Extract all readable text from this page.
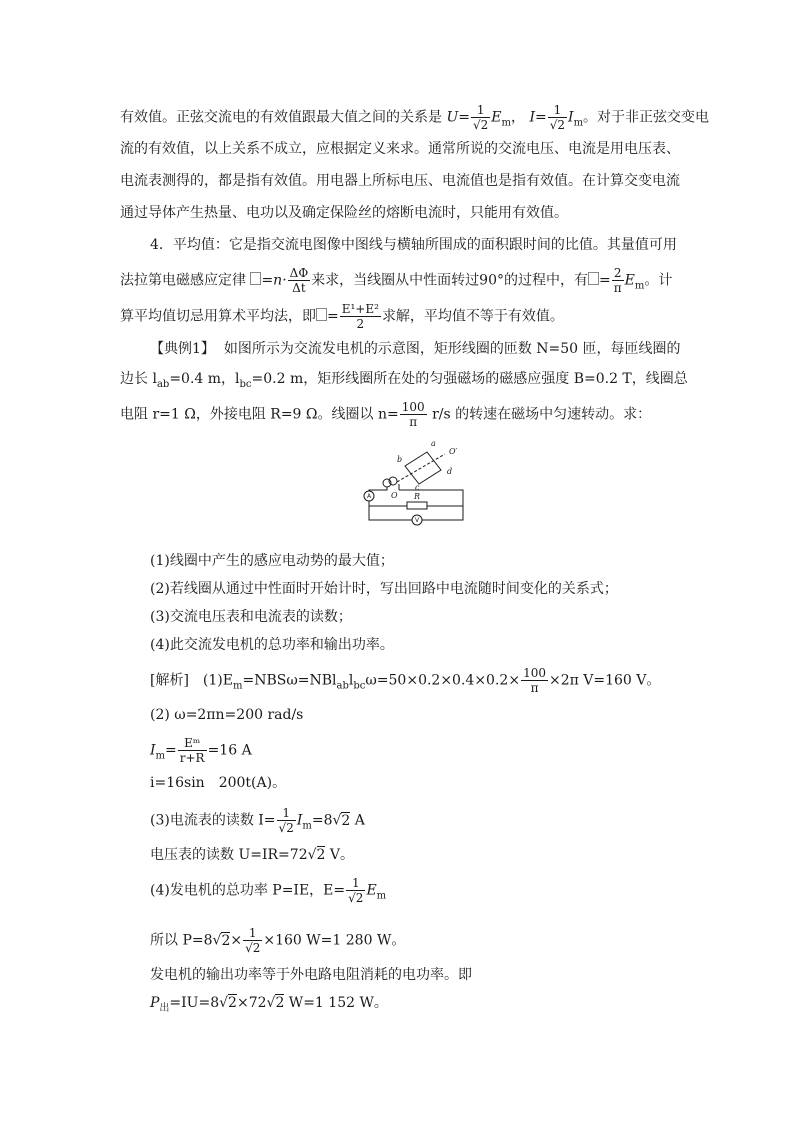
有效值。正弦交流电的有效值跟最大值之间的关系是 $U= \frac{1}{√2} E_m$， $I= \frac{1}{√2} I_m$。对于非正弦交变电
流的有效值，以上关系不成立，应根据定义来求。通常所说的交流电压、电流是用电压表、
电流表测得的，都是指有效值。用电器上所标电压、电流值也是指有效值。在计算交变电流
通过导体产生热量、电功以及确定保险丝的熔断电流时，只能用有效值。
4．平均值：它是指交流电图像中图线与横轴所围成的面积跟时间的比值。其量值可用
法拉第电磁感应定律 $=n\cdot \frac{\Delta\Phi}{\Delta t}$ 来求，当线圈从中性面转过90°的过程中，有 = $\frac{2}{\pi} E_m$。计
算平均值切忌用算术平均法，即 = $\frac{\text{E¹+E²}}{2}$ 求解，平均值不等于有效值。
【典例1】 如图所示为交流发电机的示意图，矩形线圈的匝数 N=50 匝，每匝线圈的
边长 $l_{ab}=0.4$ m，$l_{bc}=0.2$ m，矩形线圈所在处的匀强磁场的磁感应强度 B=0.2 T，线圈总
电阻 r=1 Ω，外接电阻 R=9 Ω。线圈以 $n= \frac{100}{\pi} r/s$ 的转速在磁场中匀速转动。求：
a
b
c
d
O
O′
R
A
V
(1)线圈中产生的感应电动势的最大值；
(2)若线圈从通过中性面时开始计时，写出回路中电流随时间变化的关系式；
(3)交流电压表和电流表的读数；
(4)此交流发电机的总功率和输出功率。
[解析]　$(1)E_m=NBS\omega=NBl_{ab}l_{bc}\omega=50\times 0.2\times 0.4\times 0.2\times \frac{100}{\pi} \times 2\pi$ V=160 V。
(2) ω=2πn=200 rad/s
$I_m= \frac{\text{Eᵐ}}{r+R} =16$ A
i=16sin　200t(A)。
(3)电流表的读数 $I= \frac{1}{√2} I_m=8√2$ A
电压表的读数 U=IR=72√2 V。
(4)发电机的总功率 P=IE，$E= \frac{1}{√2} E_m$
所以 $P=8√2\times \frac{1}{√2} \times 160$ W=1 280 W。
发电机的输出功率等于外电路电阻消耗的电功率。即
$P_出=IU=8√2\times 72√2$ W=1 152 W。
